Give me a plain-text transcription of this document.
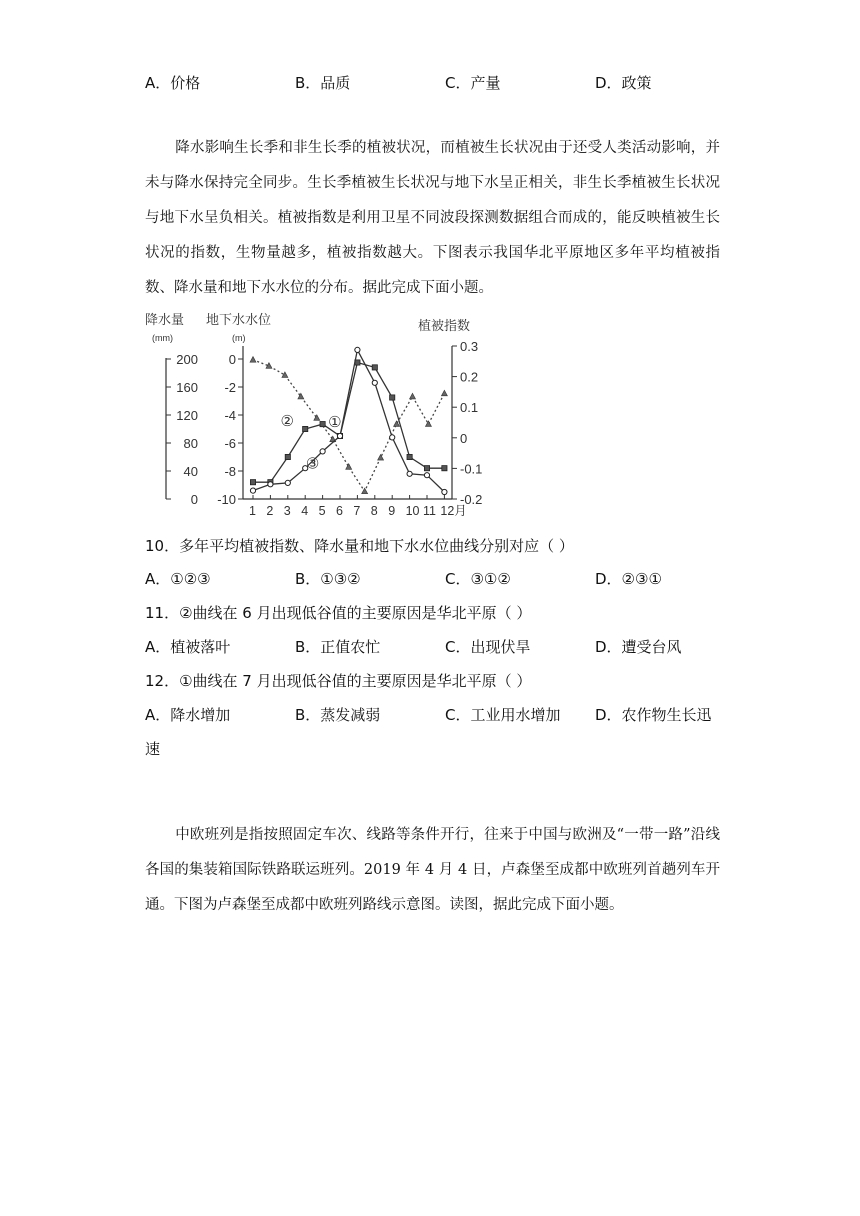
A．价格	B．品质	C．产量	D．政策

降水影响生长季和非生长季的植被状况，而植被生长状况由于还受人类活动影响，并未与降水保持完全同步。生长季植被生长状况与地下水呈正相关，非生长季植被生长状况与地下水呈负相关。植被指数是利用卫星不同波段探测数据组合而成的，能反映植被生长状况的指数，生物量越多，植被指数越大。下图表示我国华北平原地区多年平均植被指数、降水量和地下水水位的分布。据此完成下面小题。

降水量
(mm)
地下水水位
(m)
植被指数
200
160
120
80
40
0
0
-2
-4
-6
-8
-10
0.3
0.2
0.1
0
-0.1
-0.2
1 2 3 4 5 6 7 8 9 10 11 12月
①
②
③
10．多年平均植被指数、降水量和地下水水位曲线分别对应（ ）
A．①②③	B．①③②	C．③①②	D．②③①
11．②曲线在 6 月出现低谷值的主要原因是华北平原（ ）
A．植被落叶	B．正值农忙	C．出现伏旱	D．遭受台风
12．①曲线在 7 月出现低谷值的主要原因是华北平原（ ）
A．降水增加	B．蒸发减弱	C．工业用水增加 D．农作物生长迅
速

中欧班列是指按照固定车次、线路等条件开行，往来于中国与欧洲及“一带一路”沿线各国的集装箱国际铁路联运班列。2019 年 4 月 4 日，卢森堡至成都中欧班列首趟列车开通。下图为卢森堡至成都中欧班列路线示意图。读图，据此完成下面小题。
